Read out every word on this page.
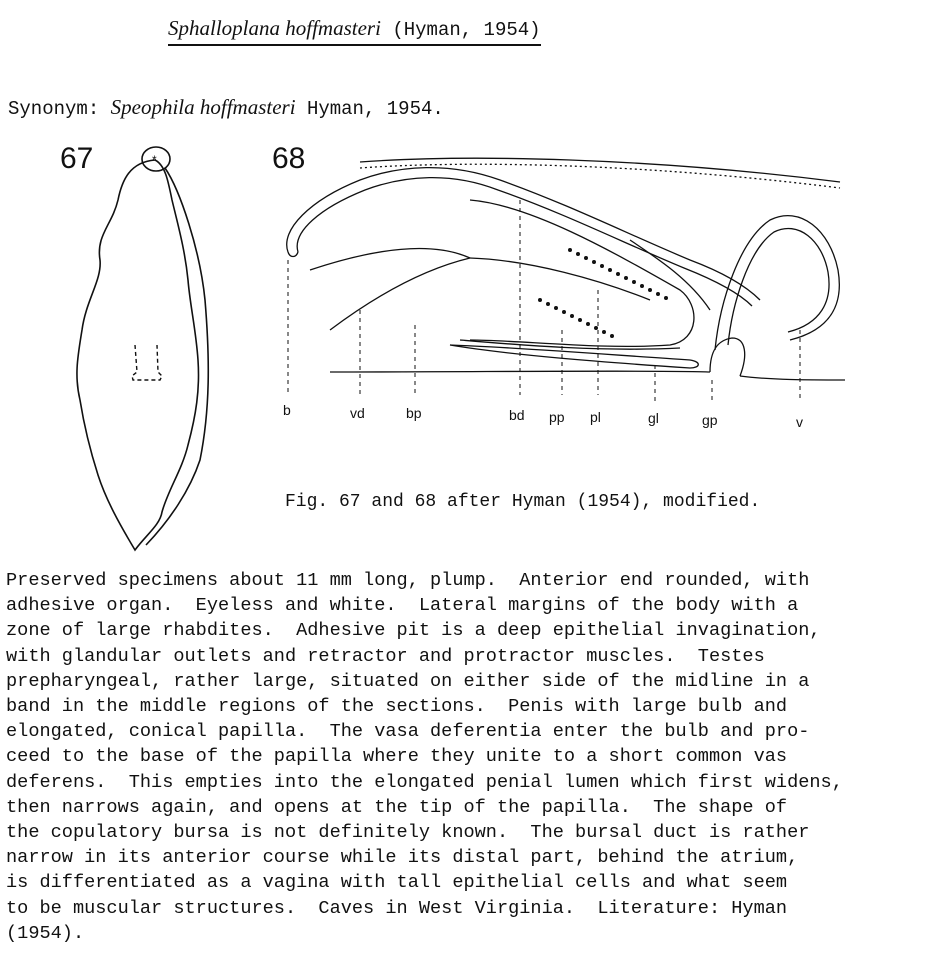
Sphalloplana hoffmasteri (Hyman, 1954)
Synonym: Speophila hoffmasteri Hyman, 1954.
67	68
*
b	vd	bp	bd pp pl	gl	gp	v
Fig. 67 and 68 after Hyman (1954), modified.
Preserved specimens about 11 mm long, plump.  Anterior end rounded, with
adhesive organ.  Eyeless and white.  Lateral margins of the body with a
zone of large rhabdites.  Adhesive pit is a deep epithelial invagination,
with glandular outlets and retractor and protractor muscles.  Testes
prepharyngeal, rather large, situated on either side of the midline in a
band in the middle regions of the sections.  Penis with large bulb and
elongated, conical papilla.  The vasa deferentia enter the bulb and pro-
ceed to the base of the papilla where they unite to a short common vas
deferens.  This empties into the elongated penial lumen which first widens,
then narrows again, and opens at the tip of the papilla.  The shape of
the copulatory bursa is not definitely known.  The bursal duct is rather
narrow in its anterior course while its distal part, behind the atrium,
is differentiated as a vagina with tall epithelial cells and what seem
to be muscular structures.  Caves in West Virginia.  Literature: Hyman
(1954).
